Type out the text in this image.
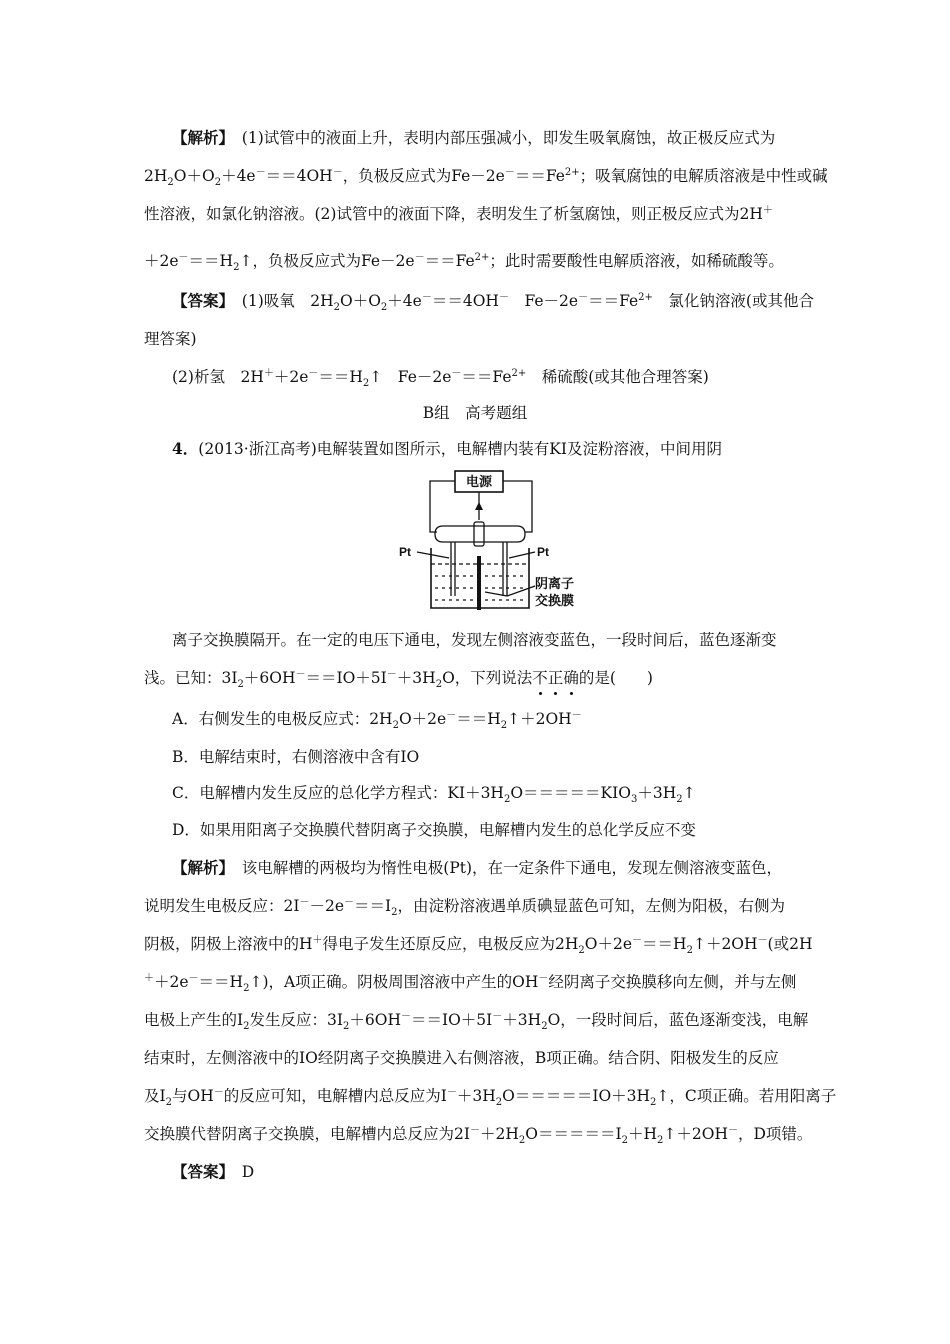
【解析】　 (1)试管中的液面上升，表明内部压强减小，即发生吸氧腐蚀，故正极反应式为
$2H_2O+O_2+4e^-==4OH^-$，负极反应式为$Fe-2e^-==Fe^{2+}$；吸氧腐蚀的电解质溶液是中性或碱
性溶液，如氯化钠溶液。(2)试管中的液面下降，表明发生了析氢腐蚀，则正极反应式为2H＋
$+2e^-==H_2↑$，负极反应式为$Fe-2e^-==Fe^{2+}$；此时需要酸性电解质溶液，如稀硫酸等。
【答案】　 (1)吸氧　$2H_2O+O_2+4e^-==4OH^-$　$Fe-2e^-==Fe^{2+}$　氯化钠溶液(或其他合
理答案)
(2)析氢　$2H^++2e^-==H_2↑$　$Fe-2e^-==Fe^{2+}$　稀硫酸(或其他合理答案)
B组　高考题组
4．(2013·浙江高考)电解装置如图所示，电解槽内装有KI及淀粉溶液，中间用阴
电源
Pt	Pt
阴离子
交换膜
离子交换膜隔开。在一定的电压下通电，发现左侧溶液变蓝色，一段时间后，蓝色逐渐变
浅。已知：$3I_2+6OH^-==IO+5I^-+3H_2O$，下列说法不正确的是(　　)
A．右侧发生的电极反应式：$2H_2O+2e^-==H_2↑+2OH^-$
B．电解结束时，右侧溶液中含有IO
C．电解槽内发生反应的总化学方程式：$KI+3H_2O=====KIO_3+3H_2↑$
D．如果用阳离子交换膜代替阴离子交换膜，电解槽内发生的总化学反应不变
【解析】　 该电解槽的两极均为惰性电极(Pt)，在一定条件下通电，发现左侧溶液变蓝色，
说明发生电极反应：$2I^--2e^-==I_2$，由淀粉溶液遇单质碘显蓝色可知，左侧为阳极，右侧为
阴极，阴极上溶液中的H＋得电子发生还原反应，电极反应为$2H_2O+2e^-==H_2↑+2OH^-$(或2H
$^++2e^-==H_2↑$)，A项正确。阴极周围溶液中产生的OH－经阴离子交换膜移向左侧，并与左侧
电极上产生的$I_2$发生反应：$3I_2+6OH^-==IO+5I^-+3H_2O$，一段时间后，蓝色逐渐变浅，电解
结束时，左侧溶液中的IO经阴离子交换膜进入右侧溶液，B项正确。结合阴、阳极发生的反应
及$I_2$与OH－的反应可知，电解槽内总反应为$I^-+3H_2O=====IO+3H_2↑$，C项正确。若用阳离子
交换膜代替阴离子交换膜，电解槽内总反应为$2I^-+2H_2O=====I_2+H_2↑+2OH^-$，D项错。
【答案】　 D
